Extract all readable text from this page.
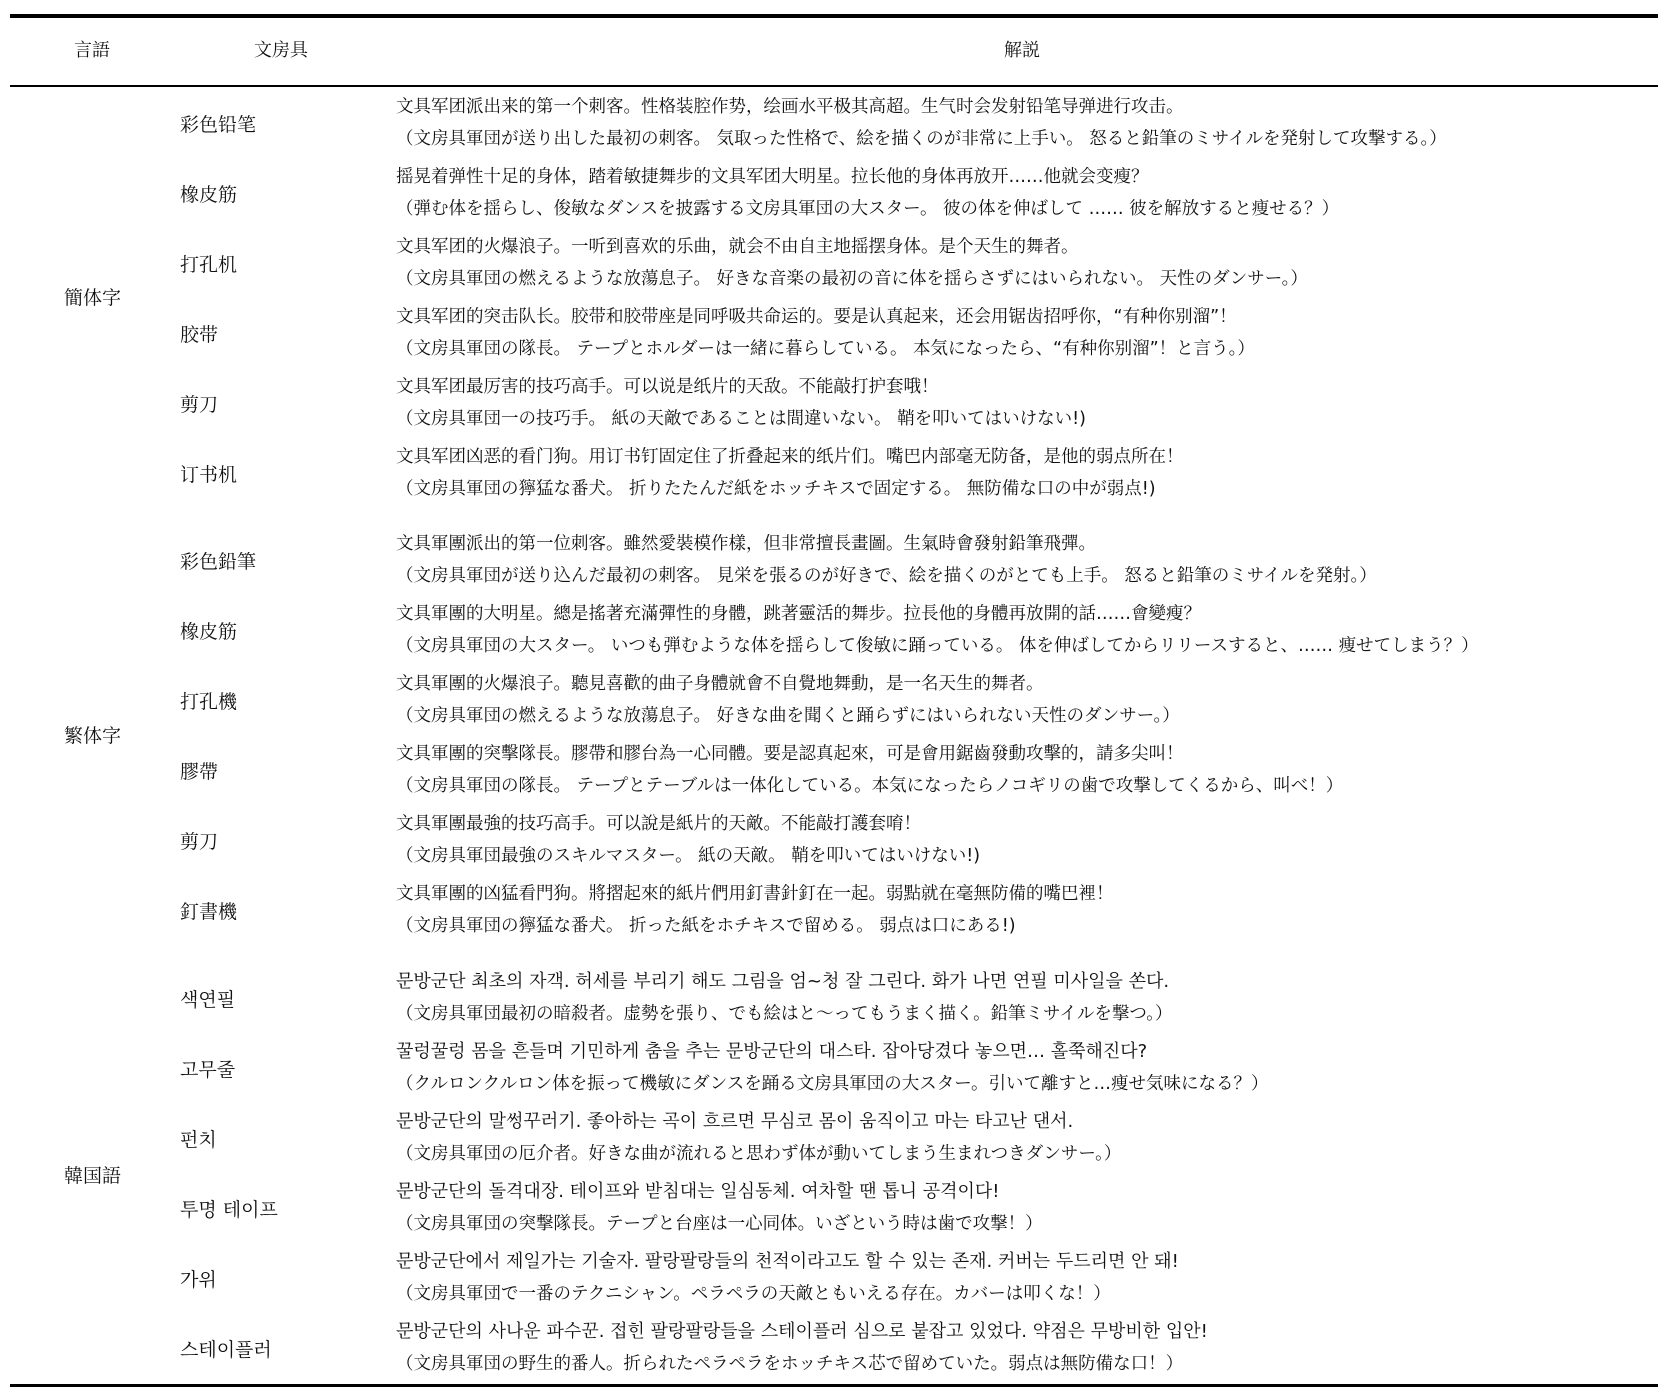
言語	文房具	解説
簡体字
彩色铅笔
文具军团派出来的第一个刺客。性格装腔作势，绘画水平极其高超。生气时会发射铅笔导弹进行攻击。
（文房具軍団が送り出した最初の刺客。 気取った性格で、絵を描くのが非常に上手い。 怒ると鉛筆のミサイルを発射して攻撃する。）
橡皮筋
摇晃着弹性十足的身体，踏着敏捷舞步的文具军团大明星。拉长他的身体再放开……他就会变瘦？
（弾む体を揺らし、俊敏なダンスを披露する文房具軍団の大スター。 彼の体を伸ばして …… 彼を解放すると痩せる？）
打孔机
文具军团的火爆浪子。一听到喜欢的乐曲，就会不由自主地摇摆身体。是个天生的舞者。
（文房具軍団の燃えるような放蕩息子。 好きな音楽の最初の音に体を揺らさずにはいられない。 天性のダンサー。）
胶带
文具军团的突击队长。胶带和胶带座是同呼吸共命运的。要是认真起来，还会用锯齿招呼你，“有种你别溜”！
（文房具軍団の隊長。 テープとホルダーは一緒に暮らしている。 本気になったら、“有种你别溜”！と言う。）
剪刀
文具军团最厉害的技巧高手。可以说是纸片的天敌。不能敲打护套哦！
（文房具軍団一の技巧手。 紙の天敵であることは間違いない。 鞘を叩いてはいけない!)
订书机
文具军团凶恶的看门狗。用订书钉固定住了折叠起来的纸片们。嘴巴内部毫无防备，是他的弱点所在！
（文房具軍団の獰猛な番犬。 折りたたんだ紙をホッチキスで固定する。 無防備な口の中が弱点!)
繁体字
彩色鉛筆
文具軍團派出的第一位刺客。雖然愛裝模作樣，但非常擅長畫圖。生氣時會發射鉛筆飛彈。
（文房具軍団が送り込んだ最初の刺客。 見栄を張るのが好きで、絵を描くのがとても上手。 怒ると鉛筆のミサイルを発射。）
橡皮筋
文具軍團的大明星。總是搖著充滿彈性的身體，跳著靈活的舞步。拉長他的身體再放開的話……會變瘦？
（文房具軍団の大スター。 いつも弾むような体を揺らして俊敏に踊っている。 体を伸ばしてからリリースすると、…… 痩せてしまう？）
打孔機
文具軍團的火爆浪子。聽見喜歡的曲子身體就會不自覺地舞動，是一名天生的舞者。
（文房具軍団の燃えるような放蕩息子。 好きな曲を聞くと踊らずにはいられない天性のダンサー。）
膠帶
文具軍團的突擊隊長。膠帶和膠台為一心同體。要是認真起來，可是會用鋸齒發動攻擊的，請多尖叫！
（文房具軍団の隊長。 テープとテーブルは一体化している。本気になったらノコギリの歯で攻撃してくるから、叫べ！）
剪刀
文具軍團最強的技巧高手。可以說是紙片的天敵。不能敲打護套唷！
（文房具軍団最強のスキルマスター。 紙の天敵。 鞘を叩いてはいけない!)
釘書機
文具軍團的凶猛看門狗。將摺起來的紙片們用釘書針釘在一起。弱點就在毫無防備的嘴巴裡！
（文房具軍団の獰猛な番犬。 折った紙をホチキスで留める。 弱点は口にある!)
韓国語
색연필
문방군단 최초의 자객. 허세를 부리기 해도 그림을 엄~청 잘 그린다. 화가 나면 연필 미사일을 쏜다.
（文房具軍団最初の暗殺者。虚勢を張り、でも絵はと〜ってもうまく描く。鉛筆ミサイルを撃つ。）
고무줄
꿀렁꿀렁 몸을 흔들며 기민하게 춤을 추는 문방군단의 대스타. 잡아당겼다 놓으면… 홀쭉해진다?
（クルロンクルロン体を振って機敏にダンスを踊る文房具軍団の大スター。引いて離すと…痩せ気味になる？）
펀치
문방군단의 말썽꾸러기. 좋아하는 곡이 흐르면 무심코 몸이 움직이고 마는 타고난 댄서.
（文房具軍団の厄介者。好きな曲が流れると思わず体が動いてしまう生まれつきダンサー。）
투명 테이프
문방군단의 돌격대장. 테이프와 받침대는 일심동체. 여차할 땐 톱니 공격이다!
（文房具軍団の突撃隊長。テープと台座は一心同体。いざという時は歯で攻撃！）
가위
문방군단에서 제일가는 기술자. 팔랑팔랑들의 천적이라고도 할 수 있는 존재. 커버는 두드리면 안 돼!
（文房具軍団で一番のテクニシャン。ペラペラの天敵ともいえる存在。カバーは叩くな！）
스테이플러
문방군단의 사나운 파수꾼. 접힌 팔랑팔랑들을 스테이플러 심으로 붙잡고 있었다. 약점은 무방비한 입안!
（文房具軍団の野生的番人。折られたペラペラをホッチキス芯で留めていた。弱点は無防備な口！）
